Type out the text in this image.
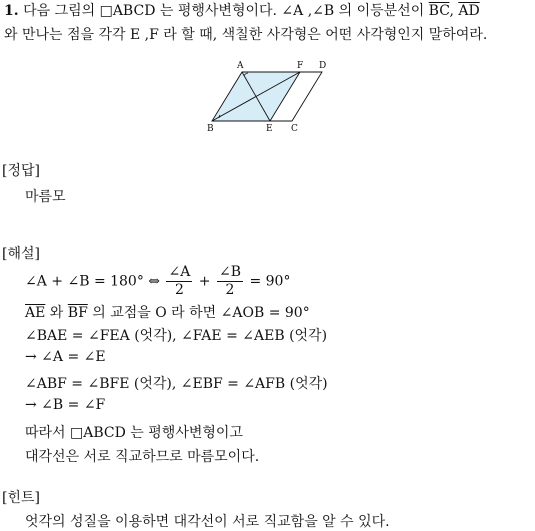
1. 다음 그림의 □ABCD 는 평행사변형이다. ∠A ,∠B 의 이등분선이 $\overline{BC}$, $\overline{AD}$
와 만나는 점을 각각 E ,F 라 할 때, 색칠한 사각형은 어떤 사각형인지 말하여라.
A	F D
B	E C
[정답]
마름모
[해설]
∠A + ∠B = 180° ⇔ $\frac{\angle A}{2} + \frac{\angle B}{2} = 90^\circ$
$\overline{AE}$ 와 $\overline{BF}$ 의 교점을 O 라 하면 ∠AOB = 90°
∠BAE = ∠FEA (엇각), ∠FAE = ∠AEB (엇각)
→ ∠A = ∠E
∠ABF = ∠BFE (엇각), ∠EBF = ∠AFB (엇각)
→ ∠B = ∠F
따라서 □ABCD 는 평행사변형이고
대각선은 서로 직교하므로 마름모이다.
[힌트]
엇각의 성질을 이용하면 대각선이 서로 직교함을 알 수 있다.
